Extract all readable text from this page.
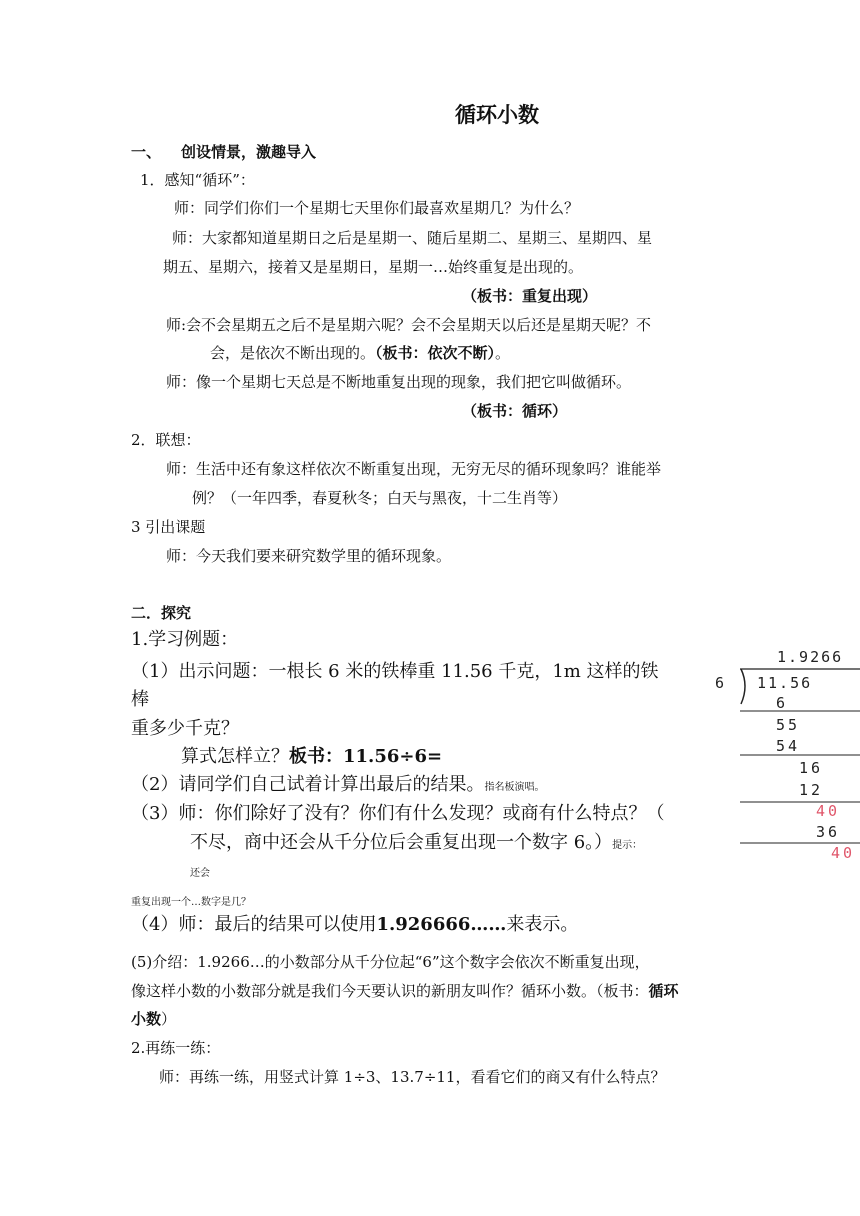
循环小数
一、 创设情景，激趣导入
1．感知“循环”：
师：同学们你们一个星期七天里你们最喜欢星期几？为什么？
师：大家都知道星期日之后是星期一、随后星期二、星期三、星期四、星
期五、星期六，接着又是星期日，星期一…始终重复是出现的。
（板书：重复出现）
师:会不会星期五之后不是星期六呢？会不会星期天以后还是星期天呢？不
会，是依次不断出现的。（板书：依次不断）。
师：像一个星期七天总是不断地重复出现的现象，我们把它叫做循环。
（板书：循环）
2．联想：
师：生活中还有象这样依次不断重复出现，无穷无尽的循环现象吗？谁能举
例？（一年四季，春夏秋冬；白天与黑夜，十二生肖等）
3 引出课题
师：今天我们要来研究数学里的循环现象。
二．探究
1.学习例题：
（1）出示问题：一根长 6 米的铁棒重 11.56 千克，1m 这样的铁
棒
重多少千克？
算式怎样立？板书：11.56÷6=
（2）请同学们自己试着计算出最后的结果。指名板演唱。
（3）师：你们除好了没有？你们有什么发现？或商有什么特点？（
不尽，商中还会从千分位后会重复出现一个数字 6。）提示：
还会
重复出现一个…数字是几？
（4）师：最后的结果可以使用1.926666……来表示。
(5)介绍：1.9266…的小数部分从千分位起“6”这个数字会依次不断重复出现，
像这样小数的小数部分就是我们今天要认识的新朋友叫作？循环小数。（板书：循环
小数）
2.再练一练：
师：再练一练，用竖式计算 1÷3、13.7÷11，看看它们的商又有什么特点？
1.9266
6 11.56
6
55
54
16
12
40
36
40
